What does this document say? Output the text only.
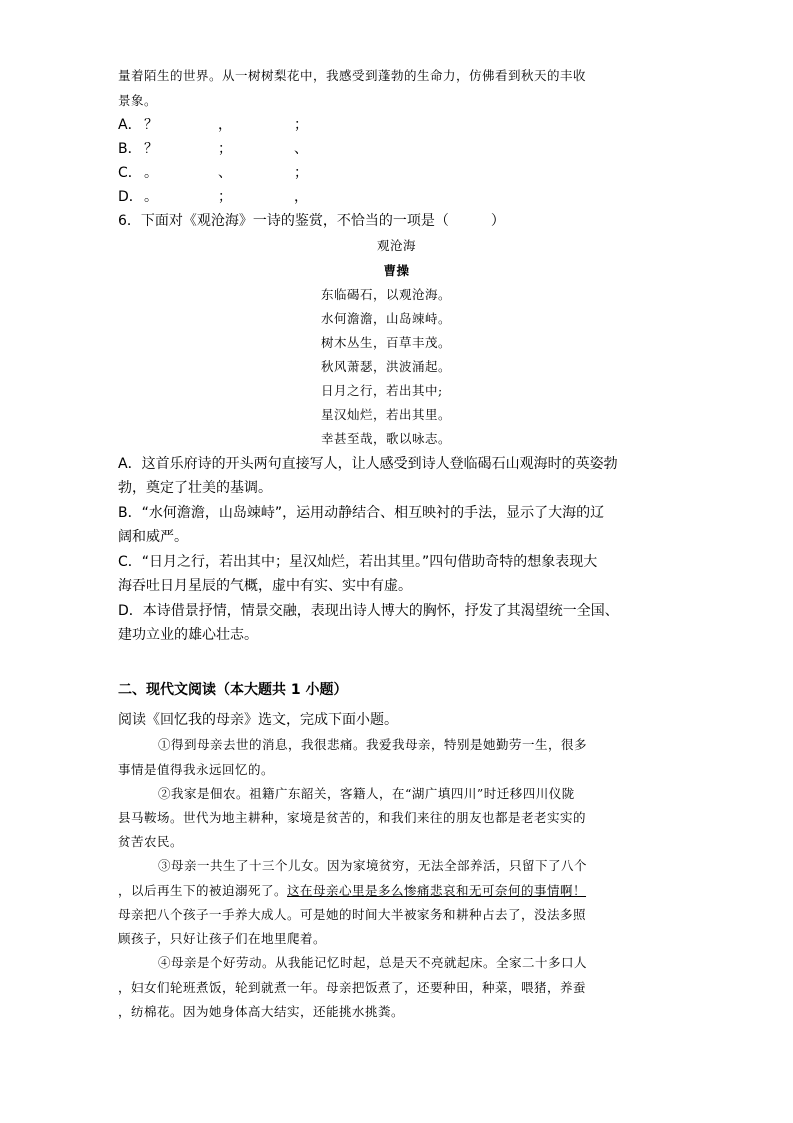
量着陌生的世界。从一树树梨花中，我感受到蓬勃的生命力，仿佛看到秋天的丰收
景象。
A． ？	，	；
B． ？	；	、
C． 。	、	；
D． 。	；	，
6．下面对《观沧海》一诗的鉴赏，不恰当的一项是（　　　）
观沧海
曹操
东临碣石，以观沧海。
水何澹澹，山岛竦峙。
树木丛生，百草丰茂。
秋风萧瑟，洪波涌起。
日月之行，若出其中;
星汉灿烂，若出其里。
幸甚至哉，歌以咏志。
A．这首乐府诗的开头两句直接写人，让人感受到诗人登临碣石山观海时的英姿勃
勃，奠定了壮美的基调。
B．“水何澹澹，山岛竦峙”，运用动静结合、相互映衬的手法，显示了大海的辽
阔和威严。
C．“日月之行，若出其中；星汉灿烂，若出其里。”四句借助奇特的想象表现大
海吞吐日月星辰的气概，虚中有实、实中有虚。
D．本诗借景抒情，情景交融，表现出诗人博大的胸怀，抒发了其渴望统一全国、
建功立业的雄心壮志。
二、现代文阅读（本大题共 1 小题）
阅读《回忆我的母亲》选文，完成下面小题。
①得到母亲去世的消息，我很悲痛。我爱我母亲，特别是她勤劳一生，很多
事情是值得我永远回忆的。
②我家是佃农。祖籍广东韶关，客籍人，在“湖广填四川”时迁移四川仪陇
县马鞍场。世代为地主耕种，家境是贫苦的，和我们来往的朋友也都是老老实实的
贫苦农民。
③母亲一共生了十三个儿女。因为家境贫穷，无法全部养活，只留下了八个
，以后再生下的被迫溺死了。这在母亲心里是多么惨痛悲哀和无可奈何的事情啊！
母亲把八个孩子一手养大成人。可是她的时间大半被家务和耕种占去了，没法多照
顾孩子，只好让孩子们在地里爬着。
④母亲是个好劳动。从我能记忆时起，总是天不亮就起床。全家二十多口人
，妇女们轮班煮饭，轮到就煮一年。母亲把饭煮了，还要种田，种菜，喂猪，养蚕
，纺棉花。因为她身体高大结实，还能挑水挑粪。
